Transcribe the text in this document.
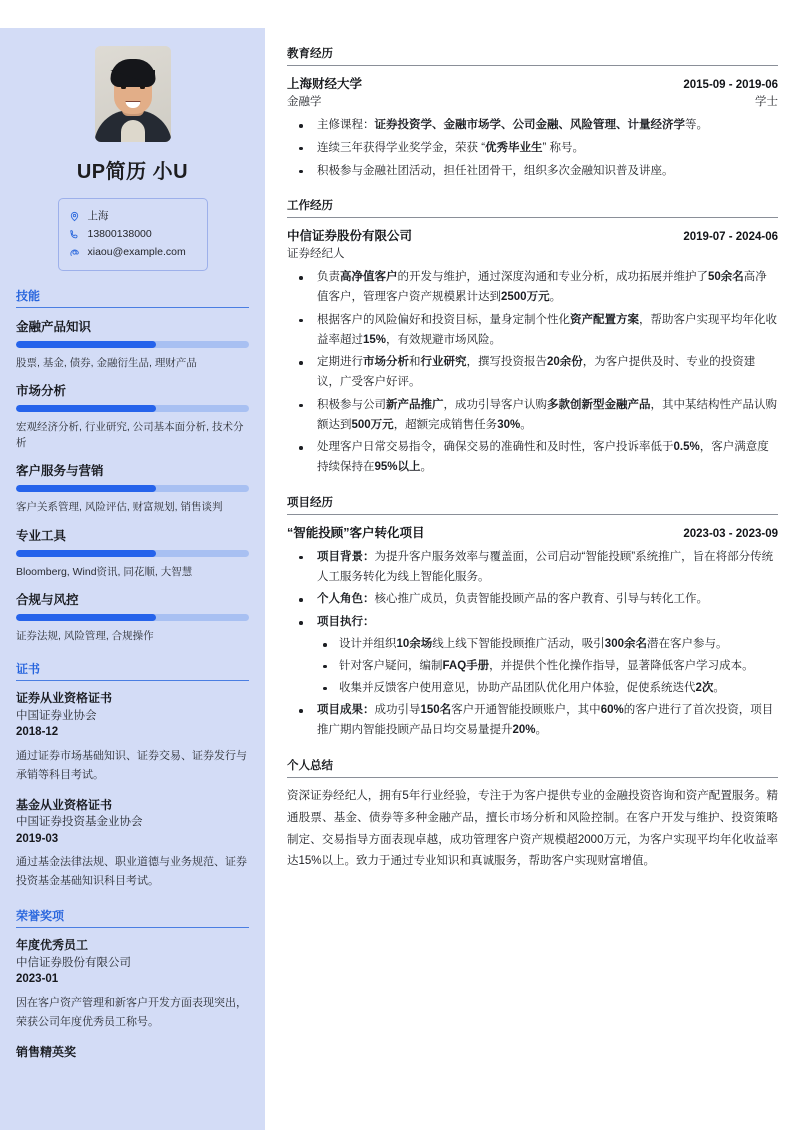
UP简历 小U
上海
13800138000
xiaou@example.com
技能
金融产品知识
股票, 基金, 债券, 金融衍生品, 理财产品
市场分析
宏观经济分析, 行业研究, 公司基本面分析, 技术分析
客户服务与营销
客户关系管理, 风险评估, 财富规划, 销售谈判
专业工具
Bloomberg, Wind资讯, 同花顺, 大智慧
合规与风控
证券法规, 风险管理, 合规操作
证书
证券从业资格证书
中国证券业协会
2018-12
通过证券市场基础知识、证券交易、证券发行与承销等科目考试。
基金从业资格证书
中国证券投资基金业协会
2019-03
通过基金法律法规、职业道德与业务规范、证券投资基金基础知识科目考试。
荣誉奖项
年度优秀员工
中信证券股份有限公司
2023-01
因在客户资产管理和新客户开发方面表现突出，荣获公司年度优秀员工称号。
销售精英奖
教育经历
上海财经大学	2015-09 - 2019-06
金融学	学士
主修课程：证券投资学、金融市场学、公司金融、风险管理、计量经济学等。
连续三年获得学业奖学金，荣获 “优秀毕业生” 称号。
积极参与金融社团活动，担任社团骨干，组织多次金融知识普及讲座。
工作经历
中信证券股份有限公司	2019-07 - 2024-06
证券经纪人
负责高净值客户的开发与维护，通过深度沟通和专业分析，成功拓展并维护了50余名高净值客户，管理客户资产规模累计达到2500万元。
根据客户的风险偏好和投资目标，量身定制个性化资产配置方案，帮助客户实现平均年化收益率超过15%，有效规避市场风险。
定期进行市场分析和行业研究，撰写投资报告20余份，为客户提供及时、专业的投资建议，广受客户好评。
积极参与公司新产品推广，成功引导客户认购多款创新型金融产品，其中某结构性产品认购额达到500万元，超额完成销售任务30%。
处理客户日常交易指令，确保交易的准确性和及时性，客户投诉率低于0.5%，客户满意度持续保持在95%以上。
项目经历
“智能投顾”客户转化项目	2023-03 - 2023-09
项目背景：为提升客户服务效率与覆盖面，公司启动“智能投顾”系统推广，旨在将部分传统人工服务转化为线上智能化服务。
个人角色：核心推广成员，负责智能投顾产品的客户教育、引导与转化工作。
项目执行：
设计并组织10余场线上线下智能投顾推广活动，吸引300余名潜在客户参与。
针对客户疑问，编制FAQ手册，并提供个性化操作指导，显著降低客户学习成本。
收集并反馈客户使用意见，协助产品团队优化用户体验，促使系统迭代2次。
项目成果：成功引导150名客户开通智能投顾账户，其中60%的客户进行了首次投资，项目推广期内智能投顾产品日均交易量提升20%。
个人总结
资深证券经纪人，拥有5年行业经验，专注于为客户提供专业的金融投资咨询和资产配置服务。精通股票、基金、债券等多种金融产品，擅长市场分析和风险控制。在客户开发与维护、投资策略制定、交易指导方面表现卓越，成功管理客户资产规模超2000万元，为客户实现平均年化收益率达15%以上。致力于通过专业知识和真诚服务，帮助客户实现财富增值。
